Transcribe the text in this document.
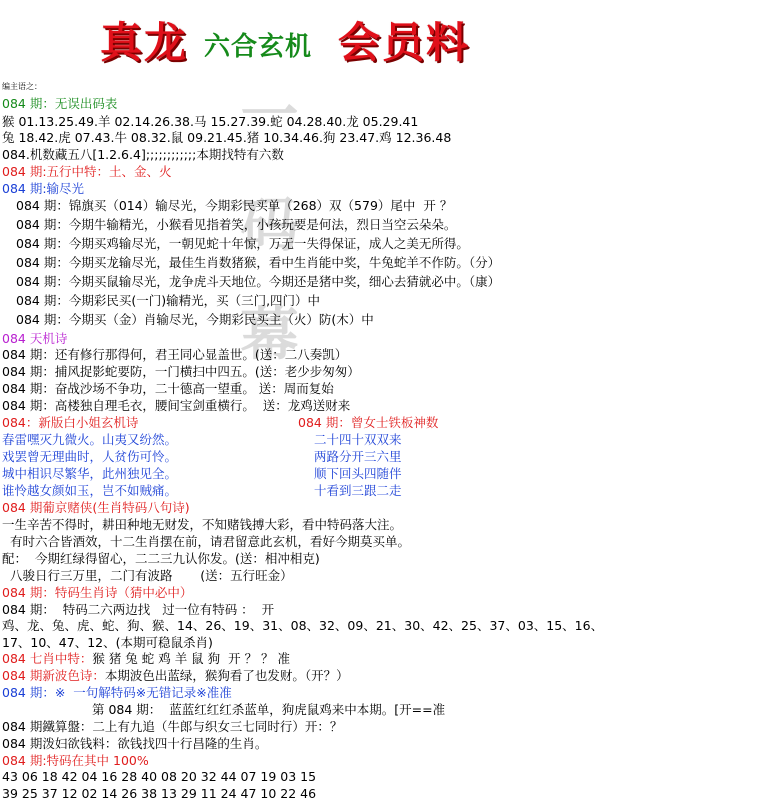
真龙 六合玄机 会员料
一码幕
编主语之：
084 期：无误出码表
猴 01.13.25.49.羊 02.14.26.38.马 15.27.39.蛇 04.28.40.龙 05.29.41
兔 18.42.虎 07.43.牛 08.32.鼠 09.21.45.猪 10.34.46.狗 23.47.鸡 12.36.48
084.机数藏五八[1.2.6.4];;;;;;;;;;;;本期找特有六数
084 期:五行中特：土、金、火
084 期:输尽光
084 期：锦旗买（014）输尽光，今期彩民买单（268）双（579）尾中  开 ？
084 期：今期牛输精光，小猴看见指着笑，小孩玩要是何法，烈日当空云朵朵。
084 期：今期买鸡输尽光，一朝见蛇十年惊，万无一失得保证，成人之美无所得。
084 期：今期买龙输尽光，最佳生肖数猪猴，看中生肖能中奖，牛兔蛇羊不作防。（分）
084 期：今期买鼠输尽光，龙争虎斗天地位。今期还是猪中奖，细心去猜就必中。（康）
084 期：今期彩民买(一门)输精光，买（三门,四门）中
084 期：今期买（金）肖输尽光，今期彩民买主（火）防(木）中
084 天机诗
084 期：还有修行那得何，君王同心显盖世。(送：二八奏凯）
084 期：捕风捉影蛇要防，一门横扫中四五。(送：老少步匆匆）
084 期：奋战沙场不争功，二十德高一望重。 送：周而复始
084 期：高楼独自理毛衣，腰间宝剑重横行。  送：龙鸡送财来
084：新版白小姐玄机诗	084 期：曾女士铁板神数
春雷嘿灭九微火。山夷又纷然。
戏罢曾无理曲时，人贫伤可怜。
城中相识尽繁华，此州独见全。
谁怜越女颜如玉，岂不如贼痛。
二十四十双双来
两路分开三六里
顺下回头四随伴
十看到三跟二走
084 期葡京赌侠(生肖特码八句诗)
一生辛苦不得时，耕田种地无财发，不知赌钱搏大彩，看中特码落大注。
有时六合皆酒效，十二生肖摆在前，请君留意此玄机，看好今期莫买单。
配：  今期红绿得留心，二二三九认你发。(送：相冲相克)
八骏日行三万里，二门有波路       (送：五行旺金）
084 期：特码生肖诗（猜中必中）
084 期：  特码二六两边找   过一位有特码 ：  开
鸡、龙、兔、虎、蛇、狗、猴、14、26、19、31、08、32、09、21、30、42、25、37、03、15、16、
17、10、47、12、(本期可稳鼠杀肖)
084 七肖中特：猴 猪 兔 蛇 鸡 羊 鼠 狗  开 ？ ？ 准
084 期新波色诗：本期波色出蓝绿，猴狗看了也发财。（开？）
084 期：※  一句解特码※无错记录※准准
第 084 期：  蓝蓝红红红杀蓝单，狗虎鼠鸡来中本期。[开==准
084 期鐵算盤：二上有九追（牛郎与织女三七同时行）开：？
084 期泼妇欲钱料：欲钱找四十行昌隆的生肖。
084 期:特码在其中 100%
43 06 18 42 04 16 28 40 08 20 32 44 07 19 03 15
39 25 37 12 02 14 26 38 13 29 11 24 47 10 22 46
